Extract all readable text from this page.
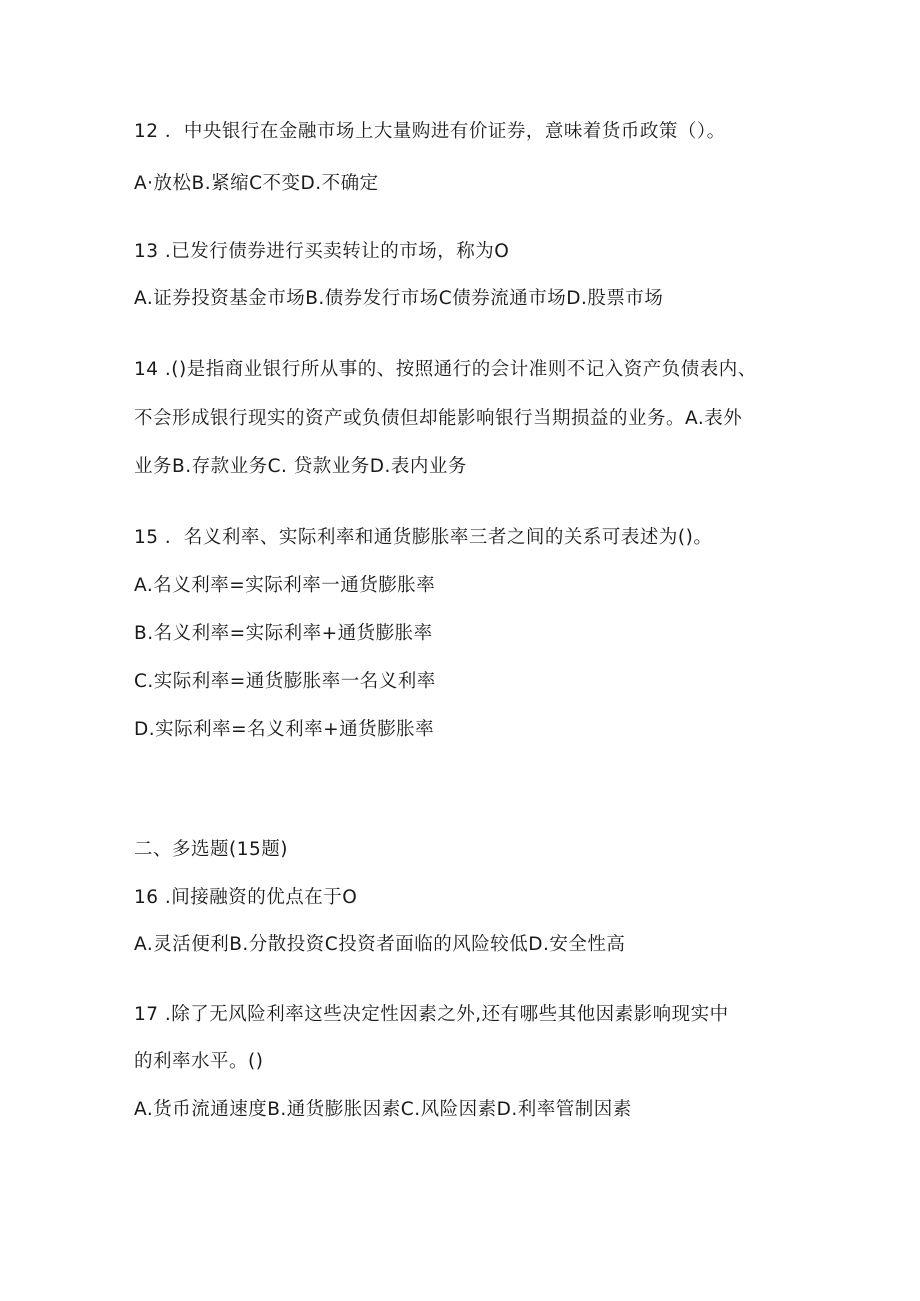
12 ．中央银行在金融市场上大量购进有价证券，意味着货币政策（）。
A·放松B.紧缩C不变D.不确定
13 .已发行债券进行买卖转让的市场，称为O
A.证券投资基金市场B.债券发行市场C债券流通市场D.股票市场
14 .()是指商业银行所从事的、按照通行的会计准则不记入资产负债表内、
不会形成银行现实的资产或负债但却能影响银行当期损益的业务。A.表外
业务B.存款业务C. 贷款业务D.表内业务
15 ．名义利率、实际利率和通货膨胀率三者之间的关系可表述为()。
A.名义利率=实际利率一通货膨胀率
B.名义利率=实际利率+通货膨胀率
C.实际利率=通货膨胀率一名义利率
D.实际利率=名义利率+通货膨胀率
二、多选题(15题)
16 .间接融资的优点在于O
A.灵活便利B.分散投资C投资者面临的风险较低D.安全性高
17 .除了无风险利率这些决定性因素之外,还有哪些其他因素影响现实中
的利率水平。()
A.货币流通速度B.通货膨胀因素C.风险因素D.利率管制因素
